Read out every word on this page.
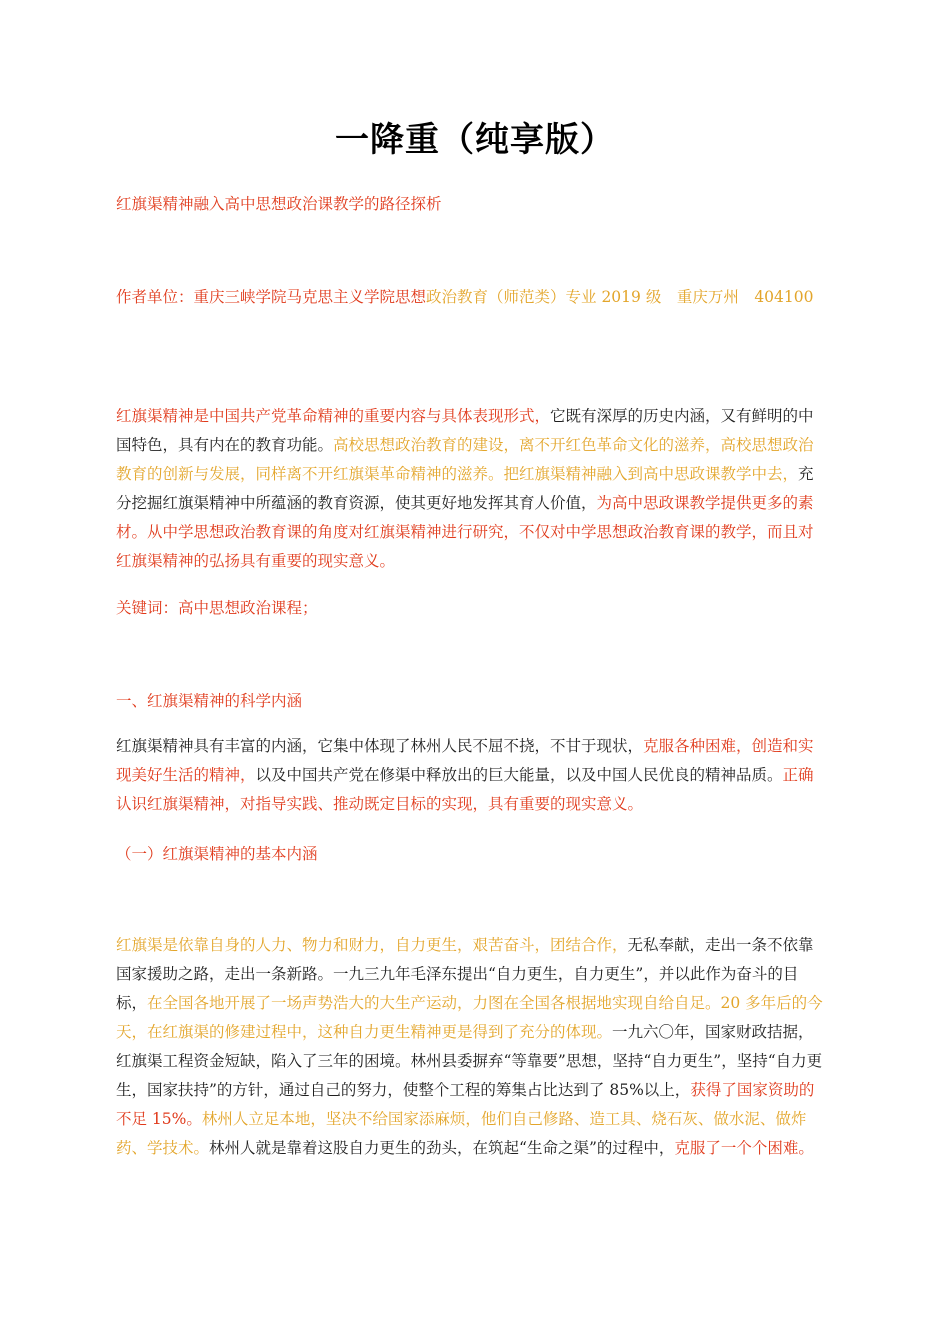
一降重（纯享版）
红旗渠精神融入高中思想政治课教学的路径探析
作者单位：重庆三峡学院马克思主义学院思想政治教育（师范类）专业 2019 级　重庆万州　404100
红旗渠精神是中国共产党革命精神的重要内容与具体表现形式，它既有深厚的历史内涵，又有鲜明的中国特色，具有内在的教育功能。高校思想政治教育的建设，离不开红色革命文化的滋养，高校思想政治教育的创新与发展，同样离不开红旗渠革命精神的滋养。把红旗渠精神融入到高中思政课教学中去，充分挖掘红旗渠精神中所蕴涵的教育资源，使其更好地发挥其育人价值，为高中思政课教学提供更多的素材。从中学思想政治教育课的角度对红旗渠精神进行研究，不仅对中学思想政治教育课的教学，而且对红旗渠精神的弘扬具有重要的现实意义。
关键词：高中思想政治课程；
一、红旗渠精神的科学内涵
红旗渠精神具有丰富的内涵，它集中体现了林州人民不屈不挠，不甘于现状，克服各种困难，创造和实现美好生活的精神，以及中国共产党在修渠中释放出的巨大能量，以及中国人民优良的精神品质。正确认识红旗渠精神，对指导实践、推动既定目标的实现，具有重要的现实意义。
（一）红旗渠精神的基本内涵
红旗渠是依靠自身的人力、物力和财力，自力更生，艰苦奋斗，团结合作，无私奉献，走出一条不依靠国家援助之路，走出一条新路。一九三九年毛泽东提出“自力更生，自力更生”，并以此作为奋斗的目标，在全国各地开展了一场声势浩大的大生产运动，力图在全国各根据地实现自给自足。20 多年后的今天，在红旗渠的修建过程中，这种自力更生精神更是得到了充分的体现。一九六〇年，国家财政拮据，红旗渠工程资金短缺，陷入了三年的困境。林州县委摒弃“等靠要”思想，坚持“自力更生”，坚持“自力更生，国家扶持”的方针，通过自己的努力，使整个工程的筹集占比达到了 85%以上，获得了国家资助的不足 15%。林州人立足本地，坚决不给国家添麻烦，他们自己修路、造工具、烧石灰、做水泥、做炸药、学技术。林州人就是靠着这股自力更生的劲头，在筑起“生命之渠”的过程中，克服了一个个困难。
